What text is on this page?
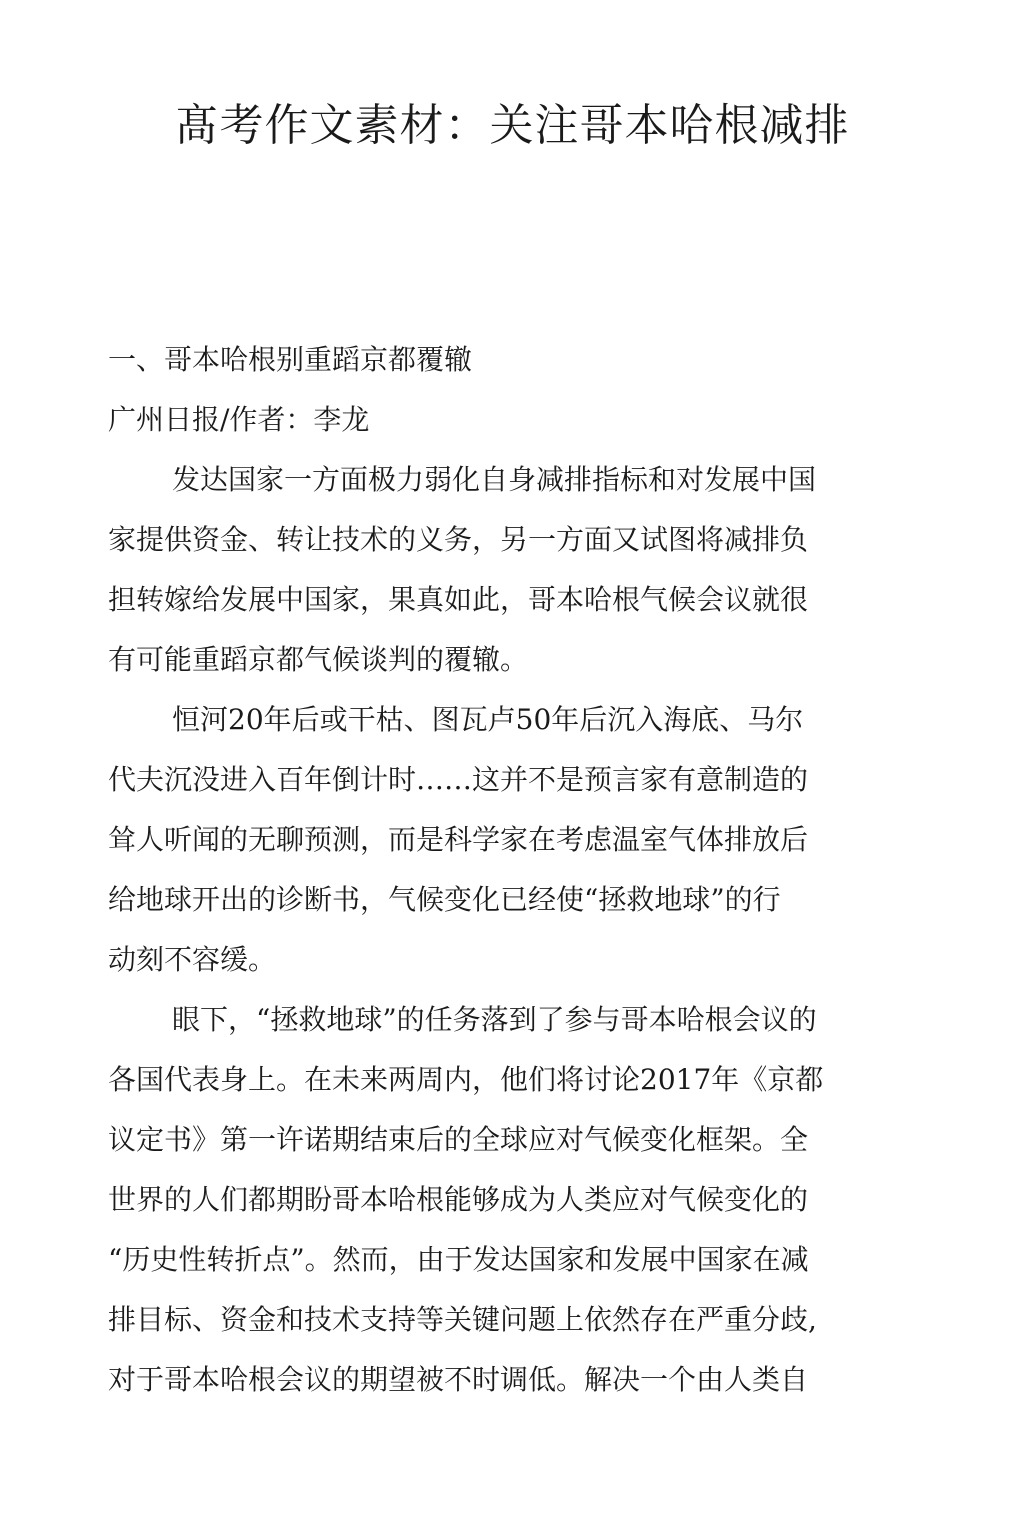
髙考作文素材：关注哥本哈根减排

一、哥本哈根别重蹈京都覆辙

广州日报/作者：李龙

发达国家一方面极力弱化自身减排指标和对发展中国

家提供资金、转让技术的义务，另一方面又试图将减排负

担转嫁给发展中国家，果真如此，哥本哈根气候会议就很

有可能重蹈京都气候谈判的覆辙。

恒河20年后或干枯、图瓦卢50年后沉入海底、马尔

代夫沉没进入百年倒计时……这并不是预言家有意制造的

耸人听闻的无聊预测，而是科学家在考虑温室气体排放后

给地球开出的诊断书，气候变化已经使“拯救地球”的行

动刻不容缓。

眼下，“拯救地球”的任务落到了参与哥本哈根会议的

各国代表身上。在未来两周内，他们将讨论2017年《京都

议定书》第一许诺期结束后的全球应对气候变化框架。全

世界的人们都期盼哥本哈根能够成为人类应对气候变化的

“历史性转折点”。然而，由于发达国家和发展中国家在减

排目标、资金和技术支持等关键问题上依然存在严重分歧,

对于哥本哈根会议的期望被不时调低。解决一个由人类自
